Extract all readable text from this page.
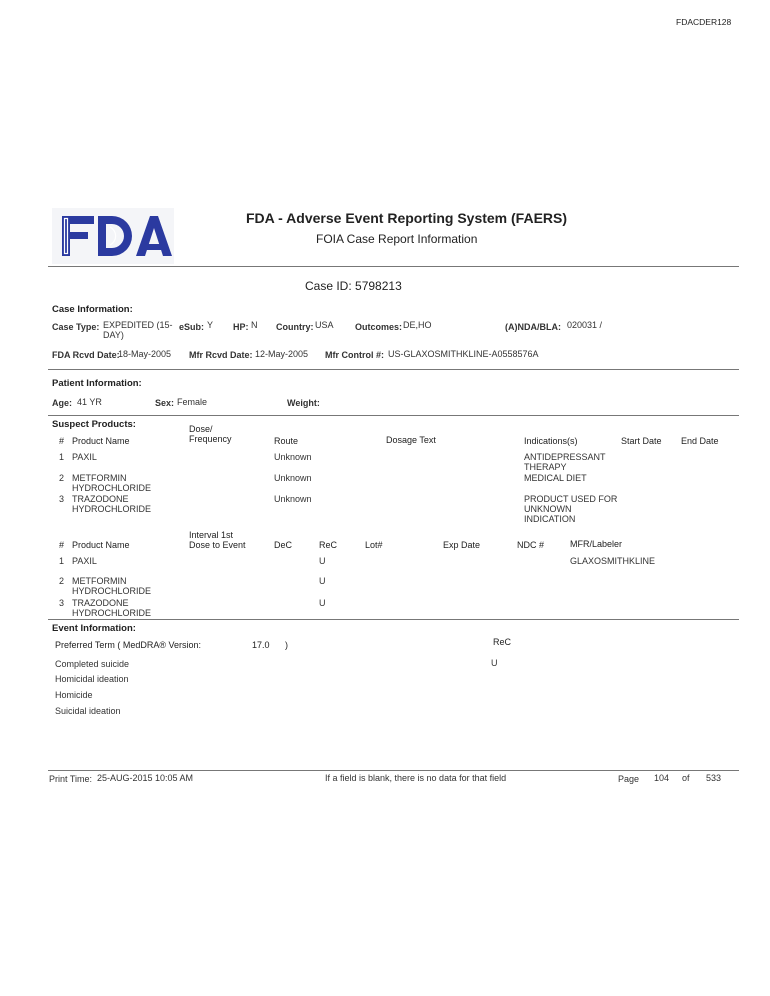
FDACDER128
FDA - Adverse Event Reporting System (FAERS)
FOIA Case Report Information
Case ID: 5798213
Case Information:
Case Type: EXPEDITED (15-
DAY)
eSub: Y HP: N Country: USA Outcomes: DE,HO	(A)NDA/BLA: 020031 /
FDA Rcvd Date:
18-May-2005 Mfr Rcvd Date: 12-May-2005 Mfr Control #: US-GLAXOSMITHKLINE-A0558576A
Patient Information:
Age: 41 YR	Sex: Female	Weight:
Suspect Products:
# Product Name
Dose/
Frequency	Route	Dosage Text	Indications(s)	Start Date End Date
1 PAXIL	Unknown	ANTIDEPRESSANT
THERAPY
2 METFORMIN
HYDROCHLORIDE
Unknown	MEDICAL DIET
3 TRAZODONE
HYDROCHLORIDE
Unknown	PRODUCT USED FOR
UNKNOWN
INDICATION
# Product Name
Interval 1st
Dose to Event	DeC	ReC	Lot#	Exp Date	NDC #	MFR/Labeler
1 PAXIL	U	GLAXOSMITHKLINE
2 METFORMIN
HYDROCHLORIDE
U
3 TRAZODONE
HYDROCHLORIDE
U
Event Information:
Preferred Term ( MedDRA® Version:	17.0 )	ReC
Completed suicide	U
Homicidal ideation
Homicide
Suicidal ideation
Print Time: 25-AUG-2015 10:05 AM	If a field is blank, there is no data for that field	Page 104 of 533
